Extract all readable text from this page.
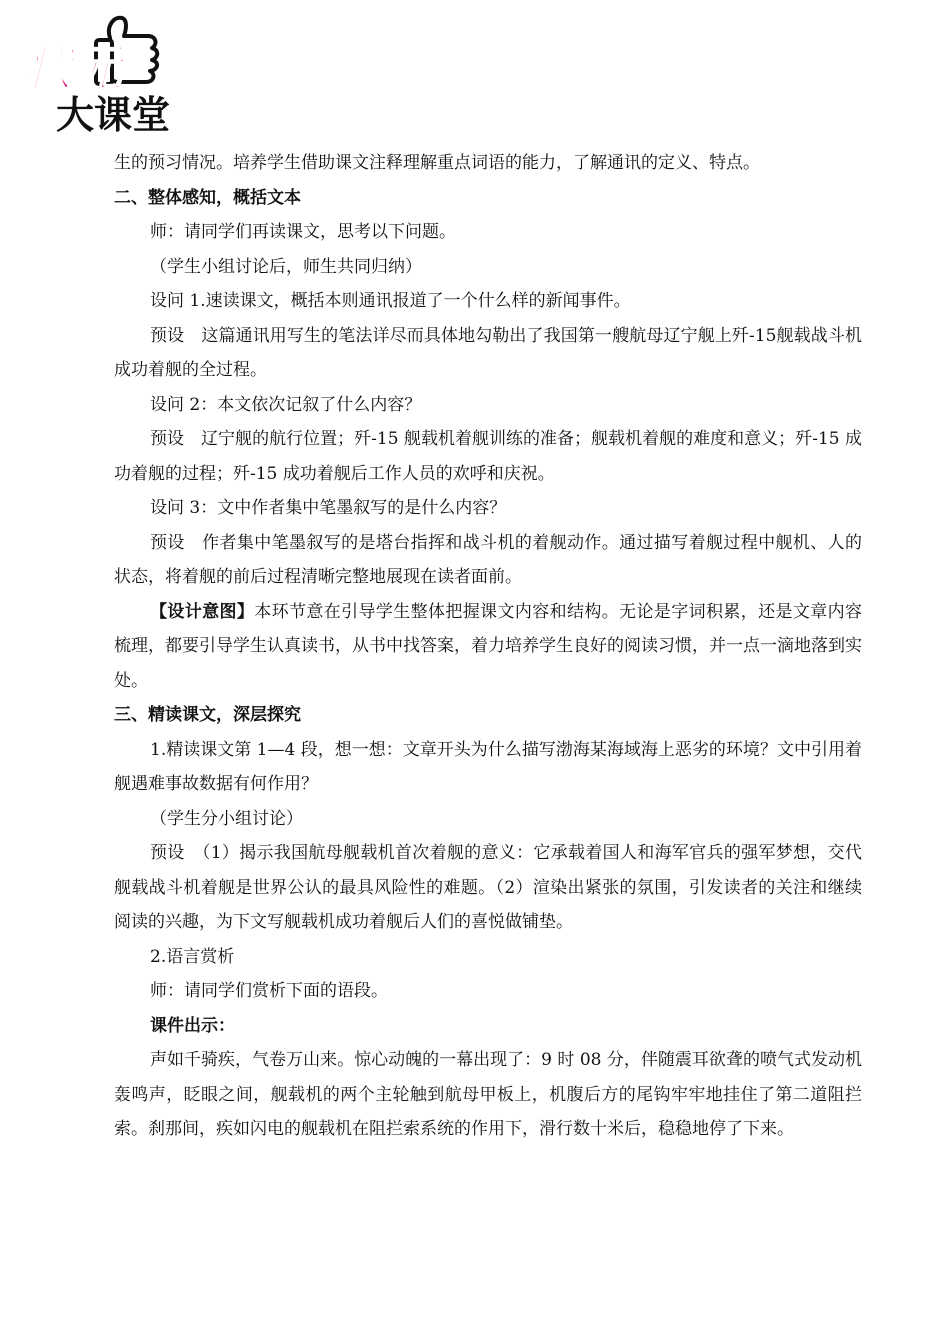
状元
大课堂

生的预习情况。培养学生借助课文注释理解重点词语的能力，了解通讯的定义、特点。

二、整体感知，概括文本

师：请同学们再读课文，思考以下问题。

（学生小组讨论后，师生共同归纳）

设问 1.速读课文，概括本则通讯报道了一个什么样的新闻事件。

预设　这篇通讯用写生的笔法详尽而具体地勾勒出了我国第一艘航母辽宁舰上歼-15舰载战斗机成功着舰的全过程。

设问 2：本文依次记叙了什么内容？

预设　辽宁舰的航行位置；歼-15 舰载机着舰训练的准备；舰载机着舰的难度和意义；歼-15 成功着舰的过程；歼-15 成功着舰后工作人员的欢呼和庆祝。

设问 3：文中作者集中笔墨叙写的是什么内容？

预设　作者集中笔墨叙写的是塔台指挥和战斗机的着舰动作。通过描写着舰过程中舰机、人的状态，将着舰的前后过程清晰完整地展现在读者面前。

【设计意图】本环节意在引导学生整体把握课文内容和结构。无论是字词积累，还是文章内容梳理，都要引导学生认真读书，从书中找答案，着力培养学生良好的阅读习惯，并一点一滴地落到实处。

三、精读课文，深层探究

1.精读课文第 1—4 段，想一想：文章开头为什么描写渤海某海域海上恶劣的环境？文中引用着舰遇难事故数据有何作用？

（学生分小组讨论）

预设　（1）揭示我国航母舰载机首次着舰的意义：它承载着国人和海军官兵的强军梦想，交代舰载战斗机着舰是世界公认的最具风险性的难题。（2）渲染出紧张的氛围，引发读者的关注和继续阅读的兴趣，为下文写舰载机成功着舰后人们的喜悦做铺垫。

2.语言赏析

师：请同学们赏析下面的语段。

课件出示：

声如千骑疾，气卷万山来。惊心动魄的一幕出现了：9 时 08 分，伴随震耳欲聋的喷气式发动机轰鸣声，眨眼之间，舰载机的两个主轮触到航母甲板上，机腹后方的尾钩牢牢地挂住了第二道阻拦索。刹那间，疾如闪电的舰载机在阻拦索系统的作用下，滑行数十米后，稳稳地停了下来。
